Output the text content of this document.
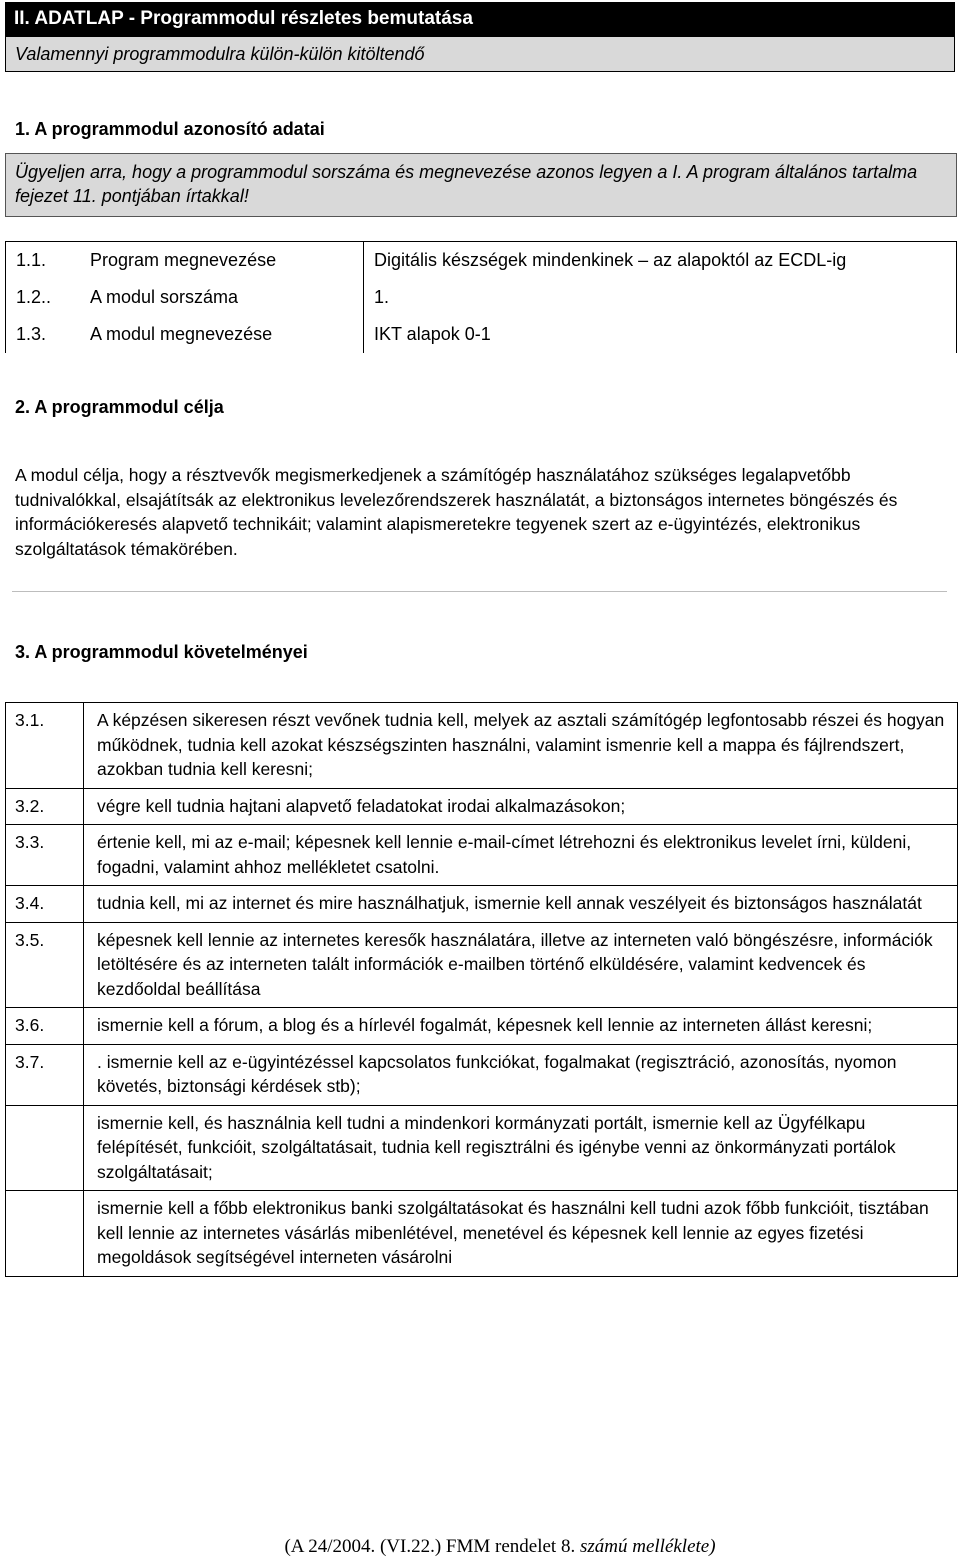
II. ADATLAP - Programmodul részletes bemutatása
Valamennyi programmodulra külön-külön kitöltendő
1. A programmodul azonosító adatai
Ügyeljen arra, hogy a programmodul sorszáma és megnevezése azonos legyen a I. A program általános tartalma fejezet 11. pontjában írtakkal!
1.1.	Program megnevezése	Digitális készségek mindenkinek – az alapoktól az ECDL-ig
1.2..	A modul sorszáma	1.
1.3.	A modul megnevezése	IKT alapok 0-1
2. A programmodul célja
A modul célja, hogy a résztvevők megismerkedjenek a számítógép használatához szükséges legalapvetőbb tudnivalókkal, elsajátítsák az elektronikus levelezőrendszerek használatát, a biztonságos internetes böngészés és információkeresés alapvető technikáit; valamint alapismeretekre tegyenek szert az e-ügyintézés, elektronikus szolgáltatások témakörében.
3. A programmodul követelményei
3.1.	A képzésen sikeresen részt vevőnek tudnia kell, melyek az asztali számítógép legfontosabb részei és hogyan működnek, tudnia kell azokat készségszinten használni, valamint ismenrie kell a mappa és fájlrendszert, azokban tudnia kell keresni;
3.2.	végre kell tudnia hajtani alapvető feladatokat irodai alkalmazásokon;
3.3.	értenie kell, mi az e-mail; képesnek kell lennie e-mail-címet létrehozni és elektronikus levelet írni, küldeni, fogadni, valamint ahhoz mellékletet csatolni.
3.4.	tudnia kell, mi az internet és mire használhatjuk, ismernie kell annak veszélyeit és biztonságos használatát
3.5.	képesnek kell lennie az internetes keresők használatára, illetve az interneten való böngészésre, információk letöltésére és az interneten talált információk e-mailben történő elküldésére, valamint kedvencek és kezdőoldal beállítása
3.6.	ismernie kell a fórum, a blog és a hírlevél fogalmát, képesnek kell lennie az interneten állást keresni;
3.7.	. ismernie kell az e-ügyintézéssel kapcsolatos funkciókat, fogalmakat (regisztráció, azonosítás, nyomon követés, biztonsági kérdések stb);
	ismernie kell, és használnia kell tudni a mindenkori kormányzati portált, ismernie kell az Ügyfélkapu felépítését, funkcióit, szolgáltatásait, tudnia kell regisztrálni és igénybe venni az önkormányzati portálok szolgáltatásait;
	ismernie kell a főbb elektronikus banki szolgáltatásokat és használni kell tudni azok főbb funkcióit, tisztában kell lennie az internetes vásárlás mibenlétével, menetével és képesnek kell lennie az egyes fizetési megoldások segítségével interneten vásárolni
(A 24/2004. (VI.22.) FMM rendelet 8. számú melléklete)
